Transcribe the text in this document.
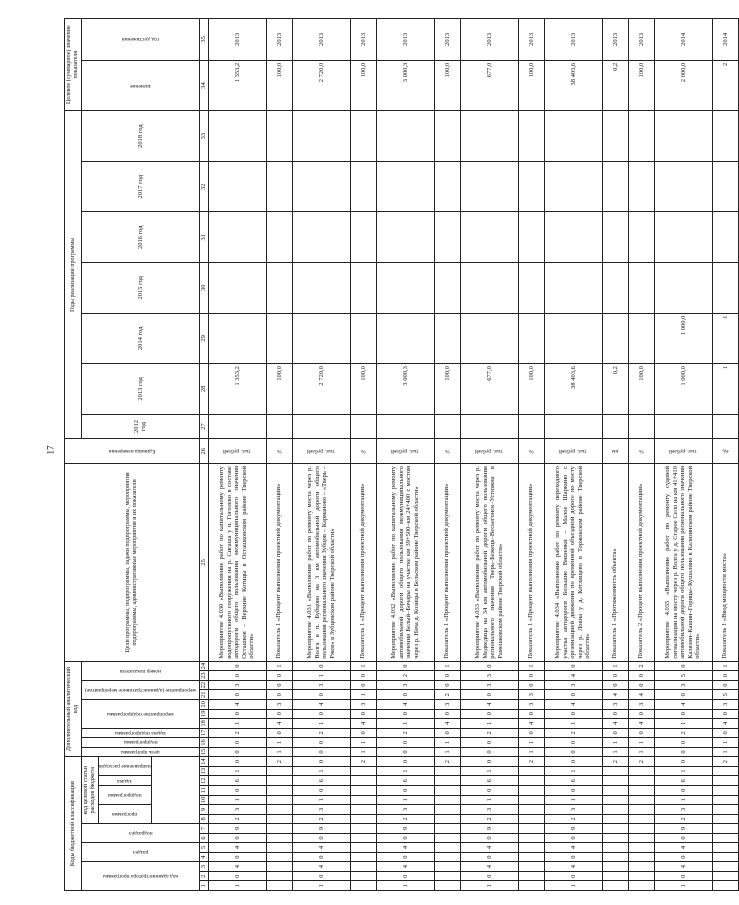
17
Коды бюджетной классификации														Дополнительный аналитический код										Цели программы, подпрограммы, задачи подпрограммы, мероприятия подпрограммы, административные мероприятия и их показатели	Единица измерения	Годы реализации программы							Целевое (суммарное) значение показателя	

код администратора программы			раздел		подраздел		код целевой статьи расходов бюджета							цель программы	подпрограмма	задача подпрограммы	мероприятие подпрограммы			мероприятие (административное мероприятие)		номер показателя				2012 год	2013 год	2014 год	2015 год	2016 год	2017 год	2018 год	значение	год достижения

							программа		подпрограмма		задача	направление расходов																						

1	2	3	4	5	6	7	8	9	10	11	12	13	14	15	16	17	18	19	20	21	22	23	24	25	26	27	28	29	30	31	32	33	34	35
1	0	4	0	4	0	9	2	3	1	0	6	1	0	0	0	2	1	0	4	0	3	0	0	Мероприятие 4.030 «Выполнение работ по капитальному ремонту водопропускного сооружения на р. Сигаша у п. Гоголево в составе автодороги общего пользования межмуниципального значения Осташков – Верхние Котицы в Осташковском районе Тверской области»	тыс. рублей		1 353,2						1 353,2	2013
													2	1	1	0	4	0	3	0	0	0	1	Показатель 1 «Процент выполнения проектной документации»	%		100,0						100,0	2013
1	0	4	0	4	0	9	2	3	1	0	6	1	0	0	0	2	1	0	4	0	3	1	0	Мероприятие 4.031 «Выполнение работ по ремонту моста через р. Волга в п. Бубцово на 3 км автомобильной дороги общего пользования регионального значения Зубцов – Карманово – «Тверь – Ржев» в Зубцовском районе Тверской области»	тыс. рублей		2 720,0						2 720,0	2013
													2	1	1	0	4	0	3	1	0	0	1	Показатель 1 «Процент выполнения проектной документации»	%		100,0						100,0	2013
1	0	4	0	4	0	9	2	3	1	0	6	1	0	0	0	2	1	0	4	0	3	2	0	Мероприятие 4.032 «Выполнение работ по капитальному ремонту автомобильной дороги общего пользования межмуниципального значения Белый–Бочары на участке км 39+500–км 24+400 с мостом через р. Нача д. Козицы в Бельском районе Тверской области»	тыс. рублей		3 000,3						3 000,3	2013
													2	1	1	0	4	0	3	2	0	0	1	Показатель 1 «Процент выполнения проектной документации»	%		100,0						100,0	2013
1	0	4	0	4	0	9	2	3	1	0	6	1	0	0	0	2	1	0	4	0	3	3	0	Мероприятие 4.033 «Выполнение работ по ремонту моста через р. Медведица на 34 км автомобильной дороги общего пользования регионального значения Тверь–Бежецк–Весьегонск–Устюжна в Рамешковском районе Тверской области»	тыс. рублей		677,0						677,0	2013
													2	1	1	0	4	0	3	3	0	0	1	Показатель 1 «Процент выполнения проектной документации»	%		100,0						100,0	2013
1	0	4	0	4	0	9	2	3	1	0	6	1	0	0	0	2	1	0	4	0	3	4	0	Мероприятие 4.034 «Выполнение работ по ремонту переходного участка автодороги Большие Вишенки – Малое Шаркино с организацией движения по временной объездной дороге по мосту через р. Локна у д. Котлищево в Торжокском районе Тверской области»	тыс. рублей		38 403,6						38 403,6	2013
													2	1	1	0	4	0	3	4	0	0	1	Показатель 1 «Протяженность объекта»	км		0,2						0,2	2013
													2	1	1	0	4	0	3	4	0	0	2	Показатель 2 «Процент выполнения проектной документации»	%		100,0						100,0	2013
1	0	4	0	4	0	9	2	3	1	0	6	1	0	0	0	2	1	0	4	0	3	5	0	Мероприятие 4.035 «Выполнение работ по ремонту судовой сигнализации на мосту через р. Волга у д. Старое Село на км 41+410 автомобильной дороги общего пользования регионального значения Калязин–Кашин–Горицы–Кушалино в Калязинском районе Тверской области»	тыс. рублей		1 000,0	1 000,0					2 000,0	2014
													2	1	1	0	4	0	3	5	0	0	1	Показатель 1 «Ввод мощности моста»	ед.		1	1					2	2014
